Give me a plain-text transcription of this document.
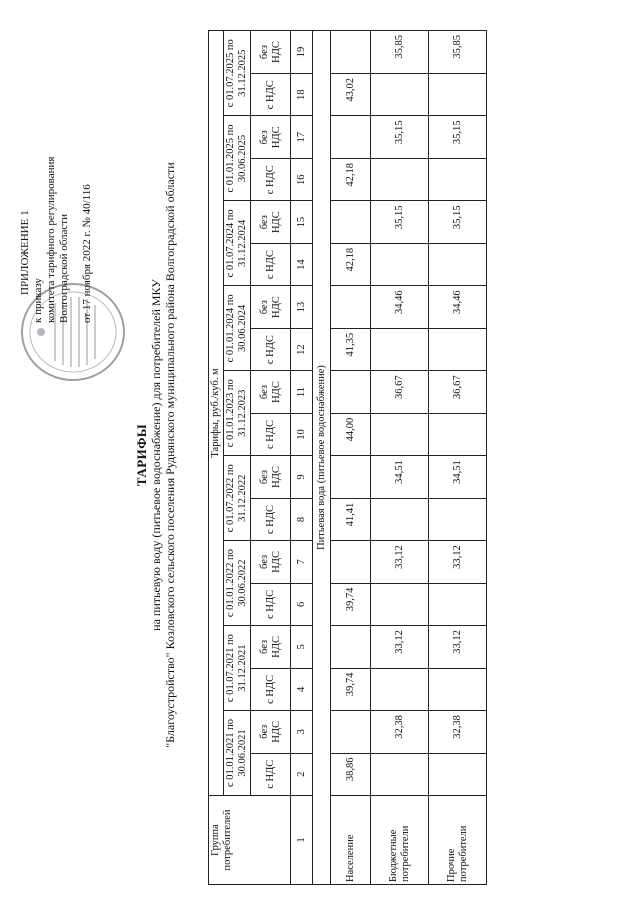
ПРИЛОЖЕНИЕ 1
к приказу комитета тарифного регулирования Волгоградской области от 17 ноября 2022 г. № 40/116
ТАРИФЫ на питьевую воду (питьевое водоснабжение) для потребителей МКУ "Благоустройство" Козловского сельского поселения Руднянского муниципального района Волгоградской области
Группа потребителей	Тарифы, руб./куб. м																	
	с 01.01.2021 по 30.06.2021		с 01.07.2021 по 31.12.2021		с 01.01.2022 по 30.06.2022		с 01.07.2022 по 31.12.2022		с 01.01.2023 по 31.12.2023		с 01.01.2024 по 30.06.2024		с 01.07.2024 по 31.12.2024		с 01.01.2025 по 30.06.2025		с 01.07.2025 по 31.12.2025	
	с НДС	без НДС	с НДС	без НДС	с НДС	без НДС	с НДС	без НДС	с НДС	без НДС	с НДС	без НДС	с НДС	без НДС	с НДС	без НДС	с НДС	без НДС
1	2	3	4	5	6	7	8	9	10	11	12	13	14	15	16	17	18	19
Питьевая вода (питьевое водоснабжение)																		
Население	38,86		39,74		39,74		41,41		44,00		41,35		42,18		42,18		43,02	
Бюджетные потребители		32,38		33,12		33,12		34,51		36,67		34,46		35,15		35,15		35,85
Прочие потребители		32,38		33,12		33,12		34,51		36,67		34,46		35,15		35,15		35,85
